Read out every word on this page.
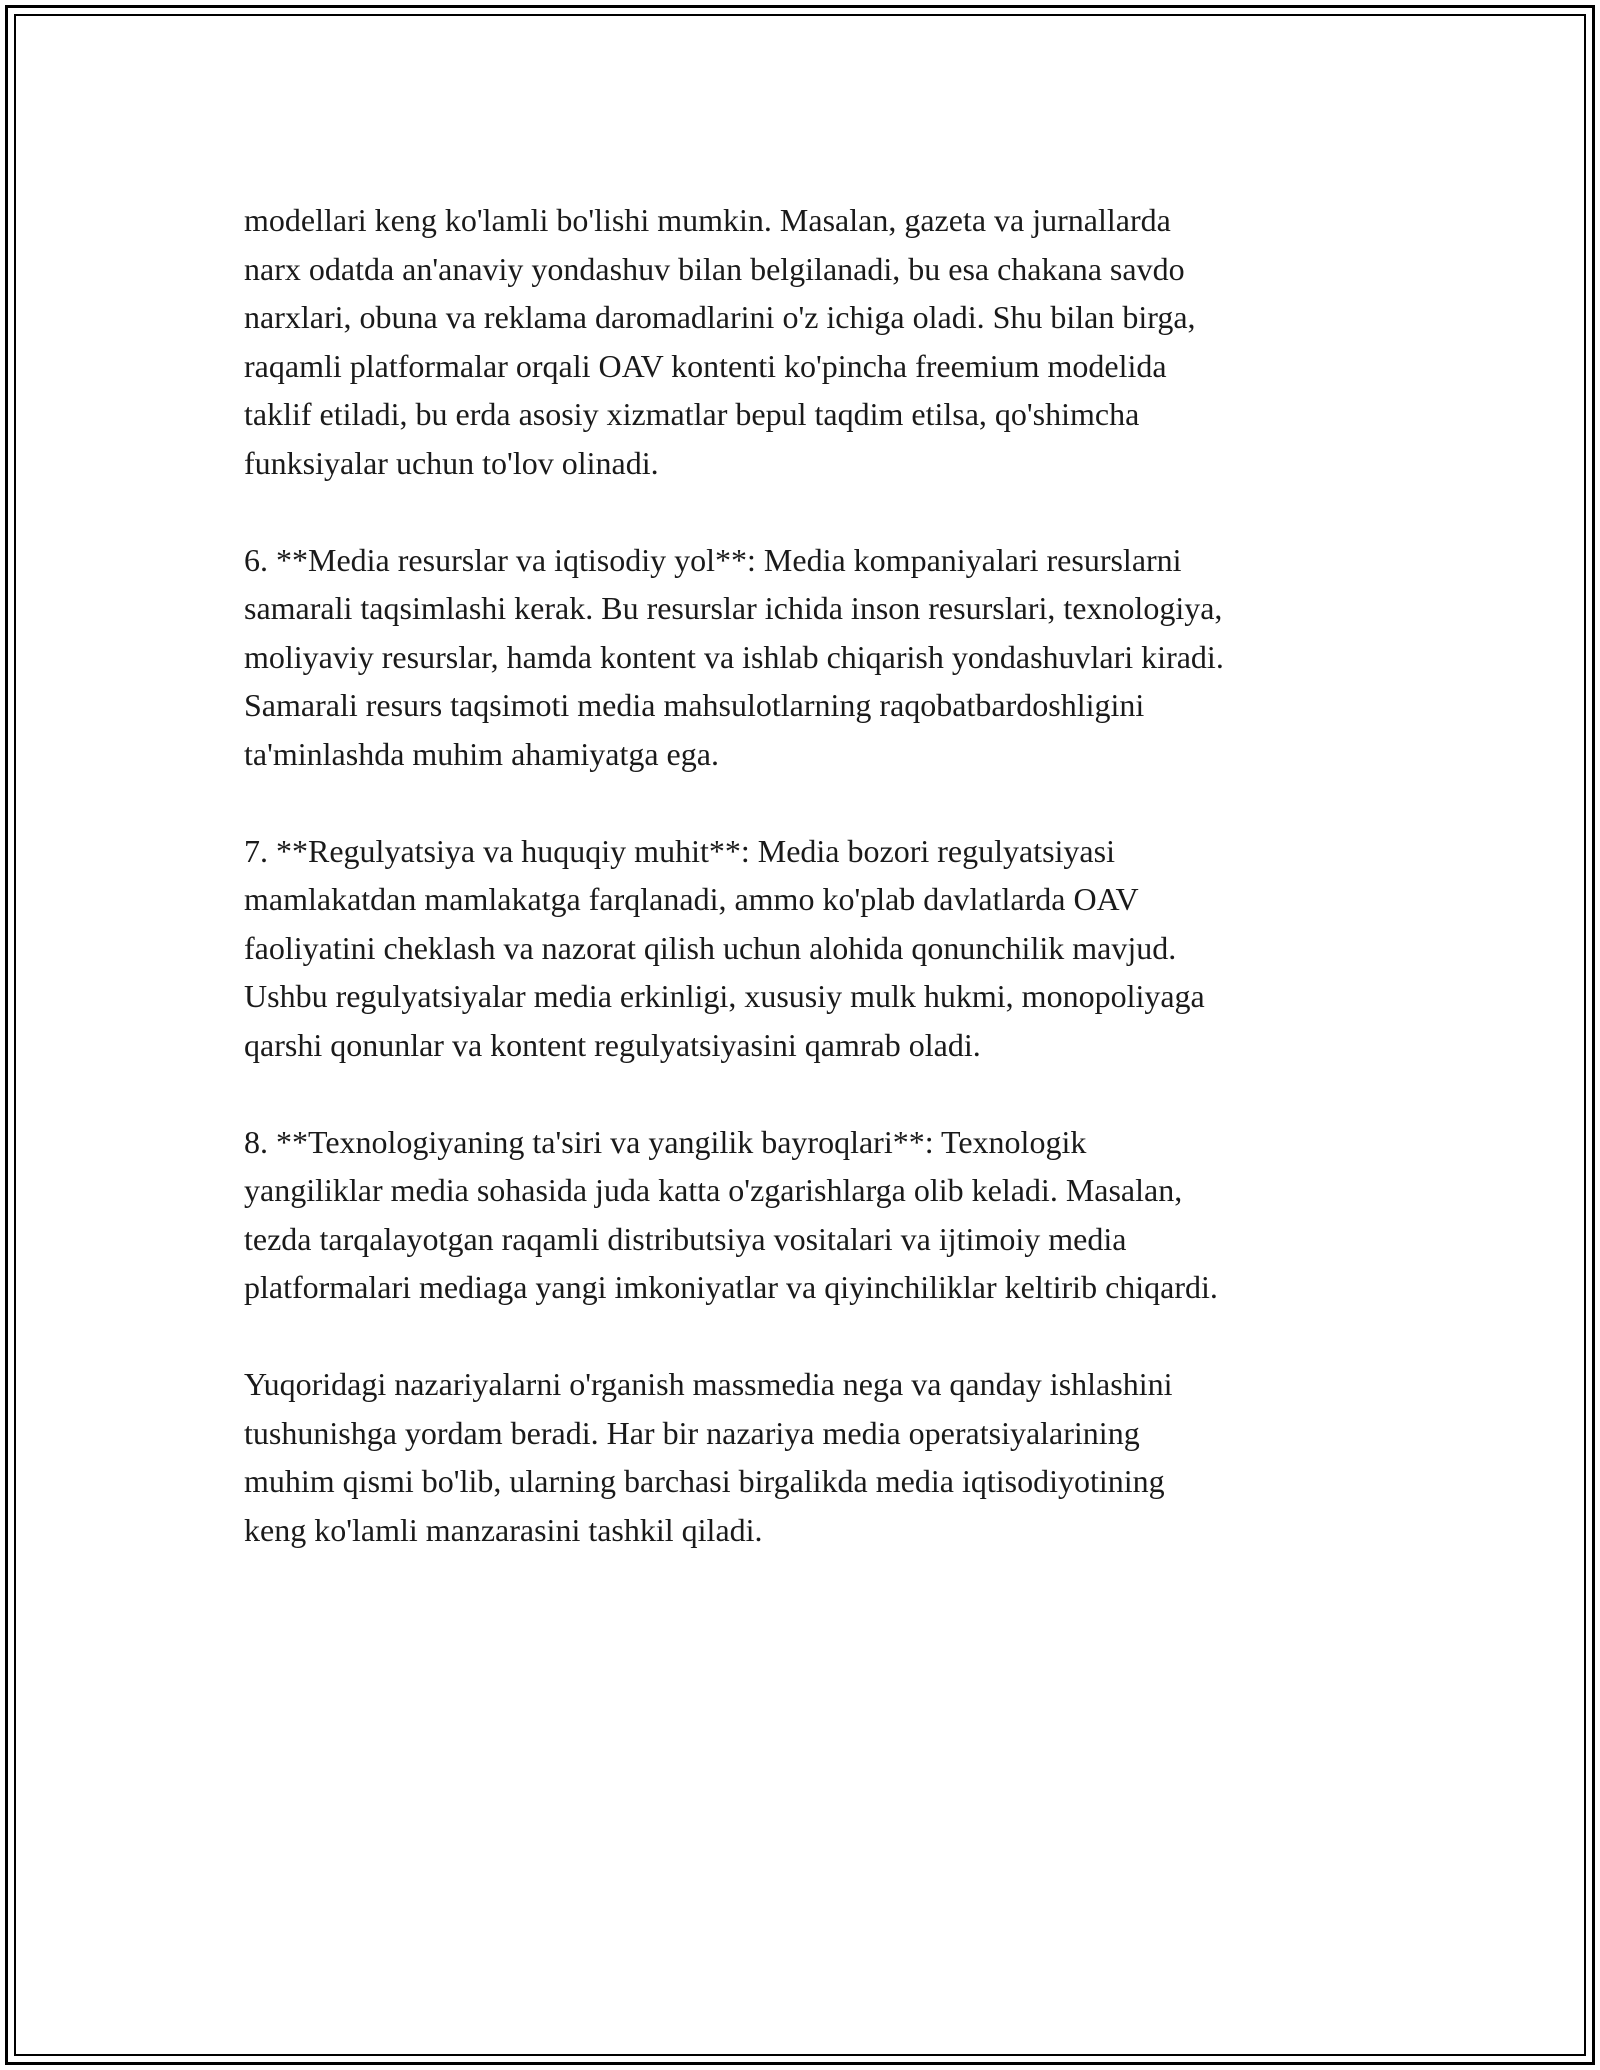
modellari keng ko'lamli bo'lishi mumkin. Masalan, gazeta va jurnallarda
narx odatda an'anaviy yondashuv bilan belgilanadi, bu esa chakana savdo
narxlari, obuna va reklama daromadlarini o'z ichiga oladi. Shu bilan birga,
raqamli platformalar orqali OAV kontenti ko'pincha freemium modelida
taklif etiladi, bu erda asosiy xizmatlar bepul taqdim etilsa, qo'shimcha
funksiyalar uchun to'lov olinadi.

6. **Media resurslar va iqtisodiy yol**: Media kompaniyalari resurslarni
samarali taqsimlashi kerak. Bu resurslar ichida inson resurslari, texnologiya,
moliyaviy resurslar, hamda kontent va ishlab chiqarish yondashuvlari kiradi.
Samarali resurs taqsimoti media mahsulotlarning raqobatbardoshligini
ta'minlashda muhim ahamiyatga ega.

7. **Regulyatsiya va huquqiy muhit**: Media bozori regulyatsiyasi
mamlakatdan mamlakatga farqlanadi, ammo ko'plab davlatlarda OAV
faoliyatini cheklash va nazorat qilish uchun alohida qonunchilik mavjud.
Ushbu regulyatsiyalar media erkinligi, xususiy mulk hukmi, monopoliyaga
qarshi qonunlar va kontent regulyatsiyasini qamrab oladi.

8. **Texnologiyaning ta'siri va yangilik bayroqlari**: Texnologik
yangiliklar media sohasida juda katta o'zgarishlarga olib keladi. Masalan,
tezda tarqalayotgan raqamli distributsiya vositalari va ijtimoiy media
platformalari mediaga yangi imkoniyatlar va qiyinchiliklar keltirib chiqardi.

Yuqoridagi nazariyalarni o'rganish massmedia nega va qanday ishlashini
tushunishga yordam beradi. Har bir nazariya media operatsiyalarining
muhim qismi bo'lib, ularning barchasi birgalikda media iqtisodiyotining
keng ko'lamli manzarasini tashkil qiladi.
